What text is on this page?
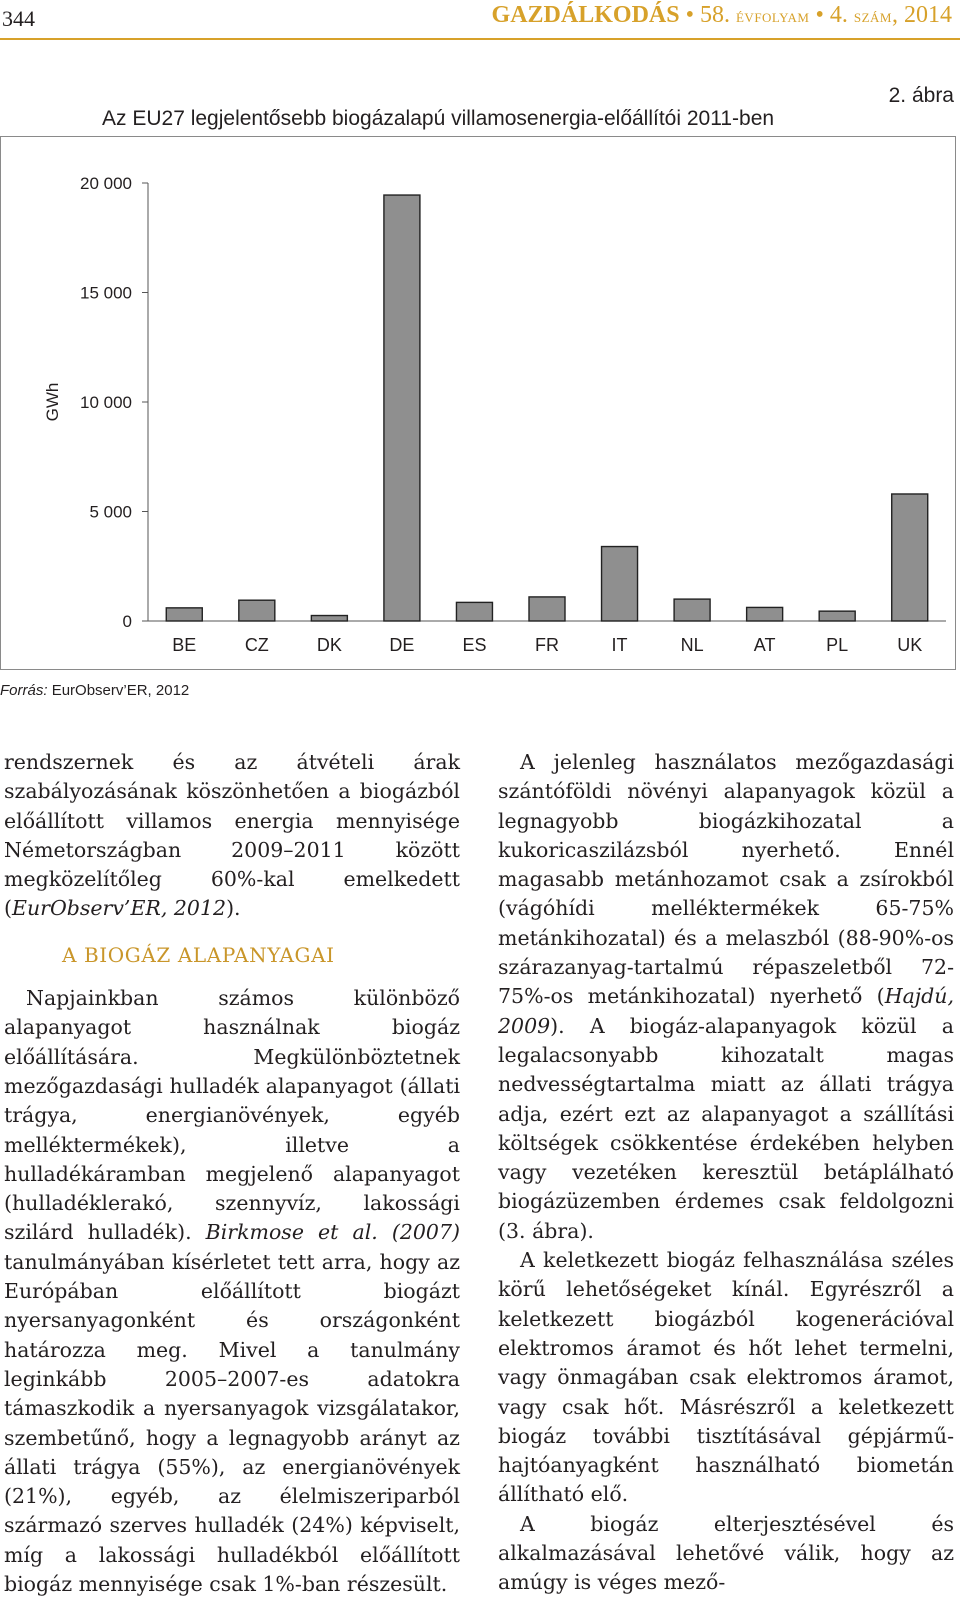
344	GAZDÁLKODÁS • 58. évfolyam • 4. szám, 2014
2. ábra
Az EU27 legjelentősebb biogázalapú villamosenergia-előállítói 2011-ben
0
5 000
10 000
15 000
20 000
GWh
BE	CZ	DK	DE	ES	FR	IT	NL	AT	PL	UK
Forrás: EurObserv’ER, 2012

rendszernek és az átvételi árak szabályozásának köszönhetően a biogázból előállított villamos energia mennyisége Németországban 2009–2011 között megközelítőleg 60%-kal emelkedett (EurObserv’ER, 2012).

A BIOGÁZ ALAPANYAGAI

Napjainkban számos különböző alapanyagot használnak biogáz előállítására. Megkülönböztetnek mezőgazdasági hulladék alapanyagot (állati trágya, energianövények, egyéb melléktermékek), illetve a hulladékáramban megjelenő alapanyagot (hulladéklerakó, szennyvíz, lakossági szilárd hulladék). Birkmose et al. (2007) tanulmányában kísérletet tett arra, hogy az Európában előállított biogázt nyersanyagonként és országonként határozza meg. Mivel a tanulmány leginkább 2005–2007-es adatokra támaszkodik a nyersanyagok vizsgálatakor, szembetűnő, hogy a legnagyobb arányt az állati trágya (55%), az energianövények (21%), egyéb, az élelmiszeriparból származó szerves hulladék (24%) képviselt, míg a lakossági hulladékból előállított biogáz mennyisége csak 1%-ban részesült.

A jelenleg használatos mezőgazdasági szántóföldi növényi alapanyagok közül a legnagyobb biogázkihozatal a kukoricaszilázsból nyerhető. Ennél magasabb metánhozamot csak a zsírokból (vágóhídi melléktermékek 65-75% metánkihozatal) és a melaszból (88-90%-os szárazanyag-tartalmú répaszeletből 72-75%-os metánkihozatal) nyerhető (Hajdú, 2009). A biogáz-alapanyagok közül a legalacsonyabb kihozatalt magas nedvességtartalma miatt az állati trágya adja, ezért ezt az alapanyagot a szállítási költségek csökkentése érdekében helyben vagy vezetéken keresztül betáplálható biogázüzemben érdemes csak feldolgozni (3. ábra).

A keletkezett biogáz felhasználása széles körű lehetőségeket kínál. Egyrészről a keletkezett biogázból kogenerációval elektromos áramot és hőt lehet termelni, vagy önmagában csak elektromos áramot, vagy csak hőt. Másrészről a keletkezett biogáz további tisztításával gépjármű-hajtóanyagként használható biometán állítható elő.

A biogáz elterjesztésével és alkalmazásával lehetővé válik, hogy az amúgy is véges mező-
